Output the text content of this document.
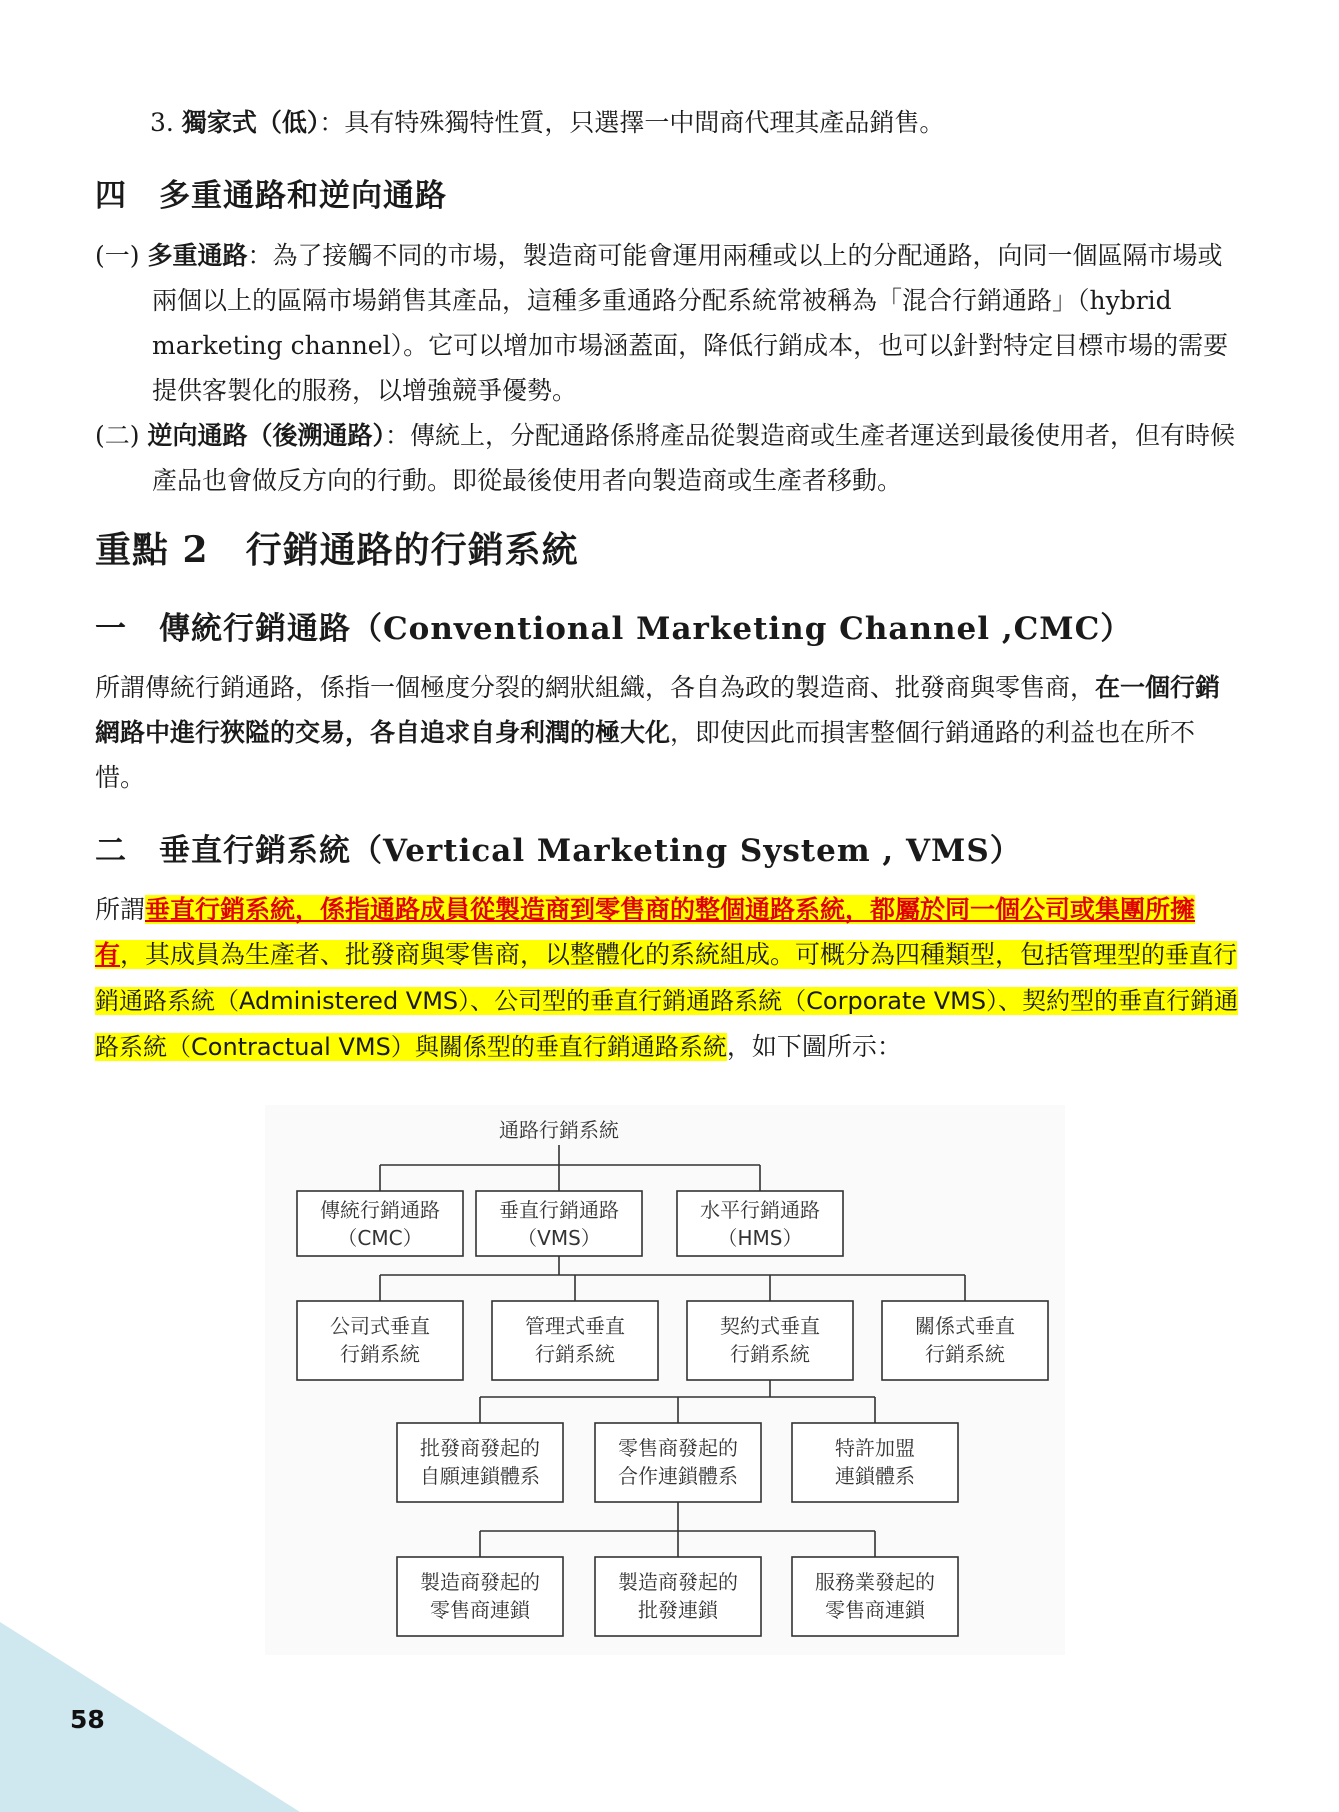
3. 獨家式（低）：具有特殊獨特性質，只選擇一中間商代理其產品銷售。

四　多重通路和逆向通路

(一) 多重通路：為了接觸不同的市場，製造商可能會運用兩種或以上的分配通路，向同一個區隔市場或兩個以上的區隔市場銷售其產品，這種多重通路分配系統常被稱為「混合行銷通路」（hybrid marketing channel）。它可以增加市場涵蓋面，降低行銷成本，也可以針對特定目標市場的需要提供客製化的服務，以增強競爭優勢。

(二) 逆向通路（後溯通路）：傳統上，分配通路係將產品從製造商或生產者運送到最後使用者，但有時候產品也會做反方向的行動。即從最後使用者向製造商或生產者移動。

重點 2　行銷通路的行銷系統

一　傳統行銷通路（Conventional Marketing Channel ,CMC）

所謂傳統行銷通路，係指一個極度分裂的網狀組織，各自為政的製造商、批發商與零售商，在一個行銷網路中進行狹隘的交易，各自追求自身利潤的極大化，即使因此而損害整個行銷通路的利益也在所不惜。

二　垂直行銷系統（Vertical Marketing System , VMS）

所謂垂直行銷系統，係指通路成員從製造商到零售商的整個通路系統，都屬於同一個公司或集團所擁有，其成員為生產者、批發商與零售商，以整體化的系統組成。可概分為四種類型，包括管理型的垂直行銷通路系統（Administered VMS）、公司型的垂直行銷通路系統（Corporate VMS）、契約型的垂直行銷通路系統（Contractual VMS）與關係型的垂直行銷通路系統，如下圖所示：

通路行銷系統
傳統行銷通路
（CMC）
垂直行銷通路
（VMS）
水平行銷通路
（HMS）
公司式垂直
行銷系統
管理式垂直
行銷系統
契約式垂直
行銷系統
關係式垂直
行銷系統
批發商發起的
自願連鎖體系
零售商發起的
合作連鎖體系
特許加盟
連鎖體系
製造商發起的
零售商連鎖
製造商發起的
批發連鎖
服務業發起的
零售商連鎖
58
